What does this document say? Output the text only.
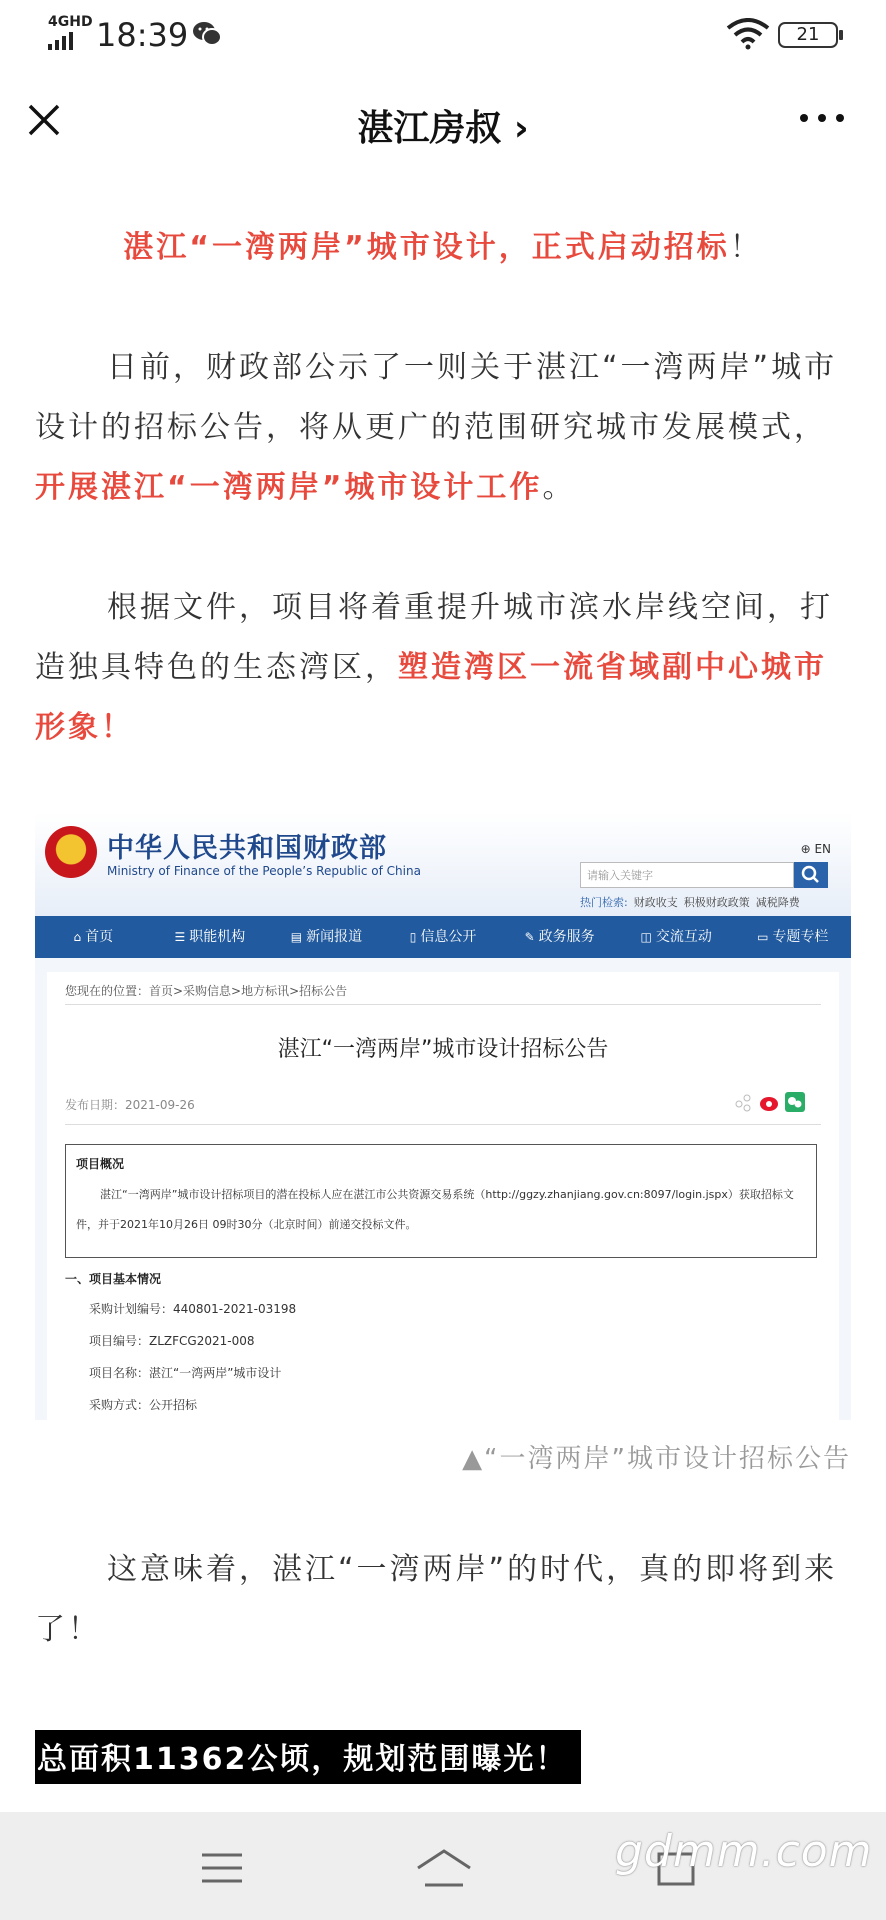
4GHD 18:39	21
湛江房叔 ›

湛江“一湾两岸”城市设计，正式启动招标！

日前，财政部公示了一则关于湛江“一湾两岸”城市设计的招标公告，将从更广的范围研究城市发展模式，开展湛江“一湾两岸”城市设计工作。

根据文件，项目将着重提升城市滨水岸线空间，打造独具特色的生态湾区，塑造湾区一流省域副中心城市形象！

中华人民共和国财政部
Ministry of Finance of the People’s Republic of China
⊕ EN
请输入关键字
热门检索: 财政收支 积极财政政策 减税降费
⌂ 首页	☰ 职能机构	▤ 新闻报道	▯ 信息公开	✎ 政务服务	◫ 交流互动	▭ 专题专栏
您现在的位置：首页>采购信息>地方标讯>招标公告
湛江“一湾两岸”城市设计招标公告
发布日期：2021-09-26
项目概况
湛江“一湾两岸”城市设计招标项目的潜在投标人应在湛江市公共资源交易系统（http://ggzy.zhanjiang.gov.cn:8097/login.jspx）获取招标文件，并于2021年10月26日 09时30分（北京时间）前递交投标文件。
一、项目基本情况
采购计划编号：440801-2021-03198
项目编号：ZLZFCG2021-008
项目名称：湛江“一湾两岸”城市设计
采购方式：公开招标
▲“一湾两岸”城市设计招标公告

这意味着，湛江“一湾两岸”的时代，真的即将到来了！

总面积11362公顷，规划范围曝光！
gdmm.com
